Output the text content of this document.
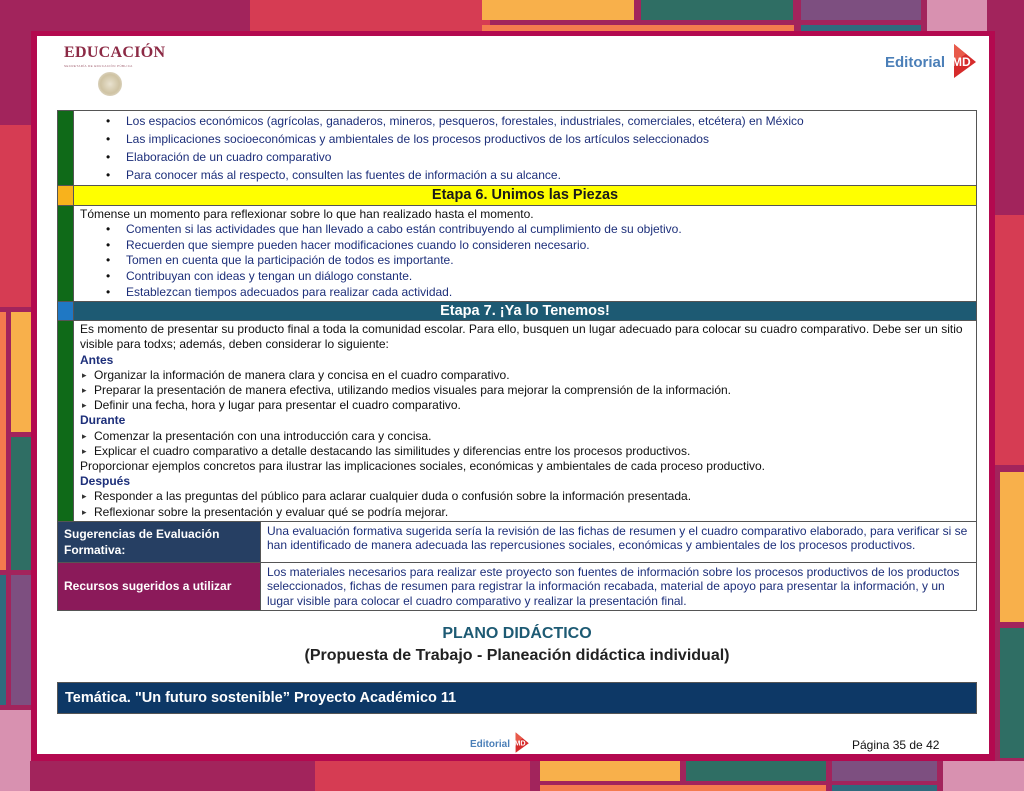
EDUCACIÓN
SECRETARÍA DE EDUCACIÓN PÚBLICA	Editorial MD

• Los espacios económicos (agrícolas, ganaderos, mineros, pesqueros, forestales, industriales, comerciales, etcétera) en México
• Las implicaciones socioeconómicas y ambientales de los procesos productivos de los artículos seleccionados
• Elaboración de un cuadro comparativo
• Para conocer más al respecto, consulten las fuentes de información a su alcance.

	Etapa 6. Unimos las Piezas

Tómense un momento para reflexionar sobre lo que han realizado hasta el momento.
• Comenten si las actividades que han llevado a cabo están contribuyendo al cumplimiento de su objetivo.
• Recuerden que siempre pueden hacer modificaciones cuando lo consideren necesario.
• Tomen en cuenta que la participación de todos es importante.
• Contribuyan con ideas y tengan un diálogo constante.
• Establezcan tiempos adecuados para realizar cada actividad.

	Etapa 7. ¡Ya lo Tenemos!

Es momento de presentar su producto final a toda la comunidad escolar. Para ello, busquen un lugar adecuado para colocar su cuadro comparativo. Debe ser un sitio visible para todxs; además, deben considerar lo siguiente:
Antes
▸ Organizar la información de manera clara y concisa en el cuadro comparativo.
▸ Preparar la presentación de manera efectiva, utilizando medios visuales para mejorar la comprensión de la información.
▸ Definir una fecha, hora y lugar para presentar el cuadro comparativo.
Durante
▸ Comenzar la presentación con una introducción cara y concisa.
▸ Explicar el cuadro comparativo a detalle destacando las similitudes y diferencias entre los procesos productivos.
Proporcionar ejemplos concretos para ilustrar las implicaciones sociales, económicas y ambientales de cada proceso productivo.
Después
▸ Responder a las preguntas del público para aclarar cualquier duda o confusión sobre la información presentada.
▸ Reflexionar sobre la presentación y evaluar qué se podría mejorar.
Sugerencias de Evaluación Formativa:	Una evaluación formativa sugerida sería la revisión de las fichas de resumen y el cuadro comparativo elaborado, para verificar si se han identificado de manera adecuada las repercusiones sociales, económicas y ambientales de los procesos productivos.
Recursos sugeridos a utilizar	Los materiales necesarios para realizar este proyecto son fuentes de información sobre los procesos productivos de los productos seleccionados, fichas de resumen para registrar la información recabada, material de apoyo para presentar la información, y un lugar visible para colocar el cuadro comparativo y realizar la presentación final.
PLANO DIDÁCTICO
(Propuesta de Trabajo - Planeación didáctica individual)
Temática. "Un futuro sostenible” Proyecto Académico 11
Editorial MD	Página 35 de 42
